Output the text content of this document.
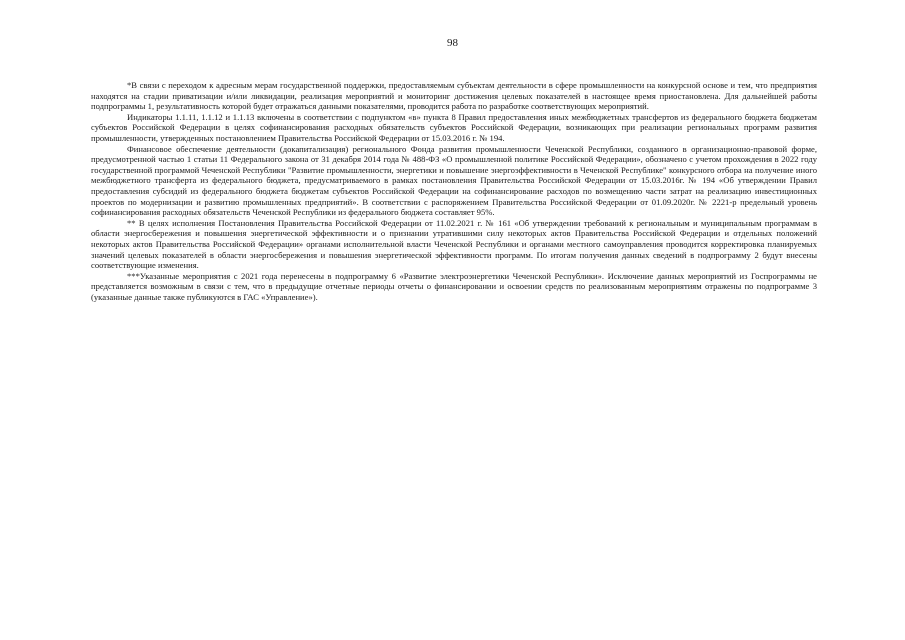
98

*В связи с переходом к адресным мерам государственной поддержки, предоставляемым субъектам деятельности в сфере промышленности на конкурсной основе и тем, что предприятия находятся на стадии приватизации и/или ликвидации, реализация мероприятий и мониторинг достижения целевых показателей в настоящее время приостановлена. Для дальнейшей работы подпрограммы 1, результативность которой будет отражаться данными показателями, проводится работа по разработке соответствующих мероприятий.

Индикаторы 1.1.11, 1.1.12 и 1.1.13 включены в соответствии с подпунктом «в» пункта 8 Правил предоставления иных межбюджетных трансфертов из федерального бюджета бюджетам субъектов Российской Федерации в целях софинансирования расходных обязательств субъектов Российской Федерации, возникающих при реализации региональных программ развития промышленности, утвержденных постановлением Правительства Российской Федерации от 15.03.2016 г. № 194.

Финансовое обеспечение деятельности (докапитализация) регионального Фонда развития промышленности Чеченской Республики, созданного в организационно-правовой форме, предусмотренной частью 1 статьи 11 Федерального закона от 31 декабря 2014 года № 488-ФЗ «О промышленной политике Российской Федерации», обозначено с учетом прохождения в 2022 году государственной программой Чеченской Республики "Развитие промышленности, энергетики и повышение энергоэффективности в Чеченской Республике" конкурсного отбора на получение иного межбюджетного трансферта из федерального бюджета, предусматриваемого в рамках постановления Правительства Российской Федерации от 15.03.2016г. № 194 «Об утверждении Правил предоставления субсидий из федерального бюджета бюджетам субъектов Российской Федерации на софинансирование расходов по возмещению части затрат на реализацию инвестиционных проектов по модернизации и развитию промышленных предприятий». В соответствии с распоряжением Правительства Российской Федерации от 01.09.2020г. № 2221-р предельный уровень софинансирования расходных обязательств Чеченской Республики из федерального бюджета составляет 95%.

** В целях исполнения Постановления Правительства Российской Федерации от 11.02.2021 г. № 161 «Об утверждении требований к региональным и муниципальным программам в области энергосбережения и повышения энергетической эффективности и о признании утратившими силу некоторых актов Правительства Российской Федерации и отдельных положений некоторых актов Правительства Российской Федерации» органами исполнительной власти Чеченской Республики и органами местного самоуправления проводится корректировка планируемых значений целевых показателей в области энергосбережения и повышения энергетической эффективности программ. По итогам получения данных сведений в подпрограмму 2 будут внесены соответствующие изменения.

***Указанные мероприятия с 2021 года перенесены в подпрограмму 6 «Развитие электроэнергетики Чеченской Республики». Исключение данных мероприятий из Госпрограммы не представляется возможным в связи с тем, что в предыдущие отчетные периоды отчеты о финансировании и освоении средств по реализованным мероприятиям отражены по подпрограмме 3 (указанные данные также публикуются в ГАС «Управление»).
